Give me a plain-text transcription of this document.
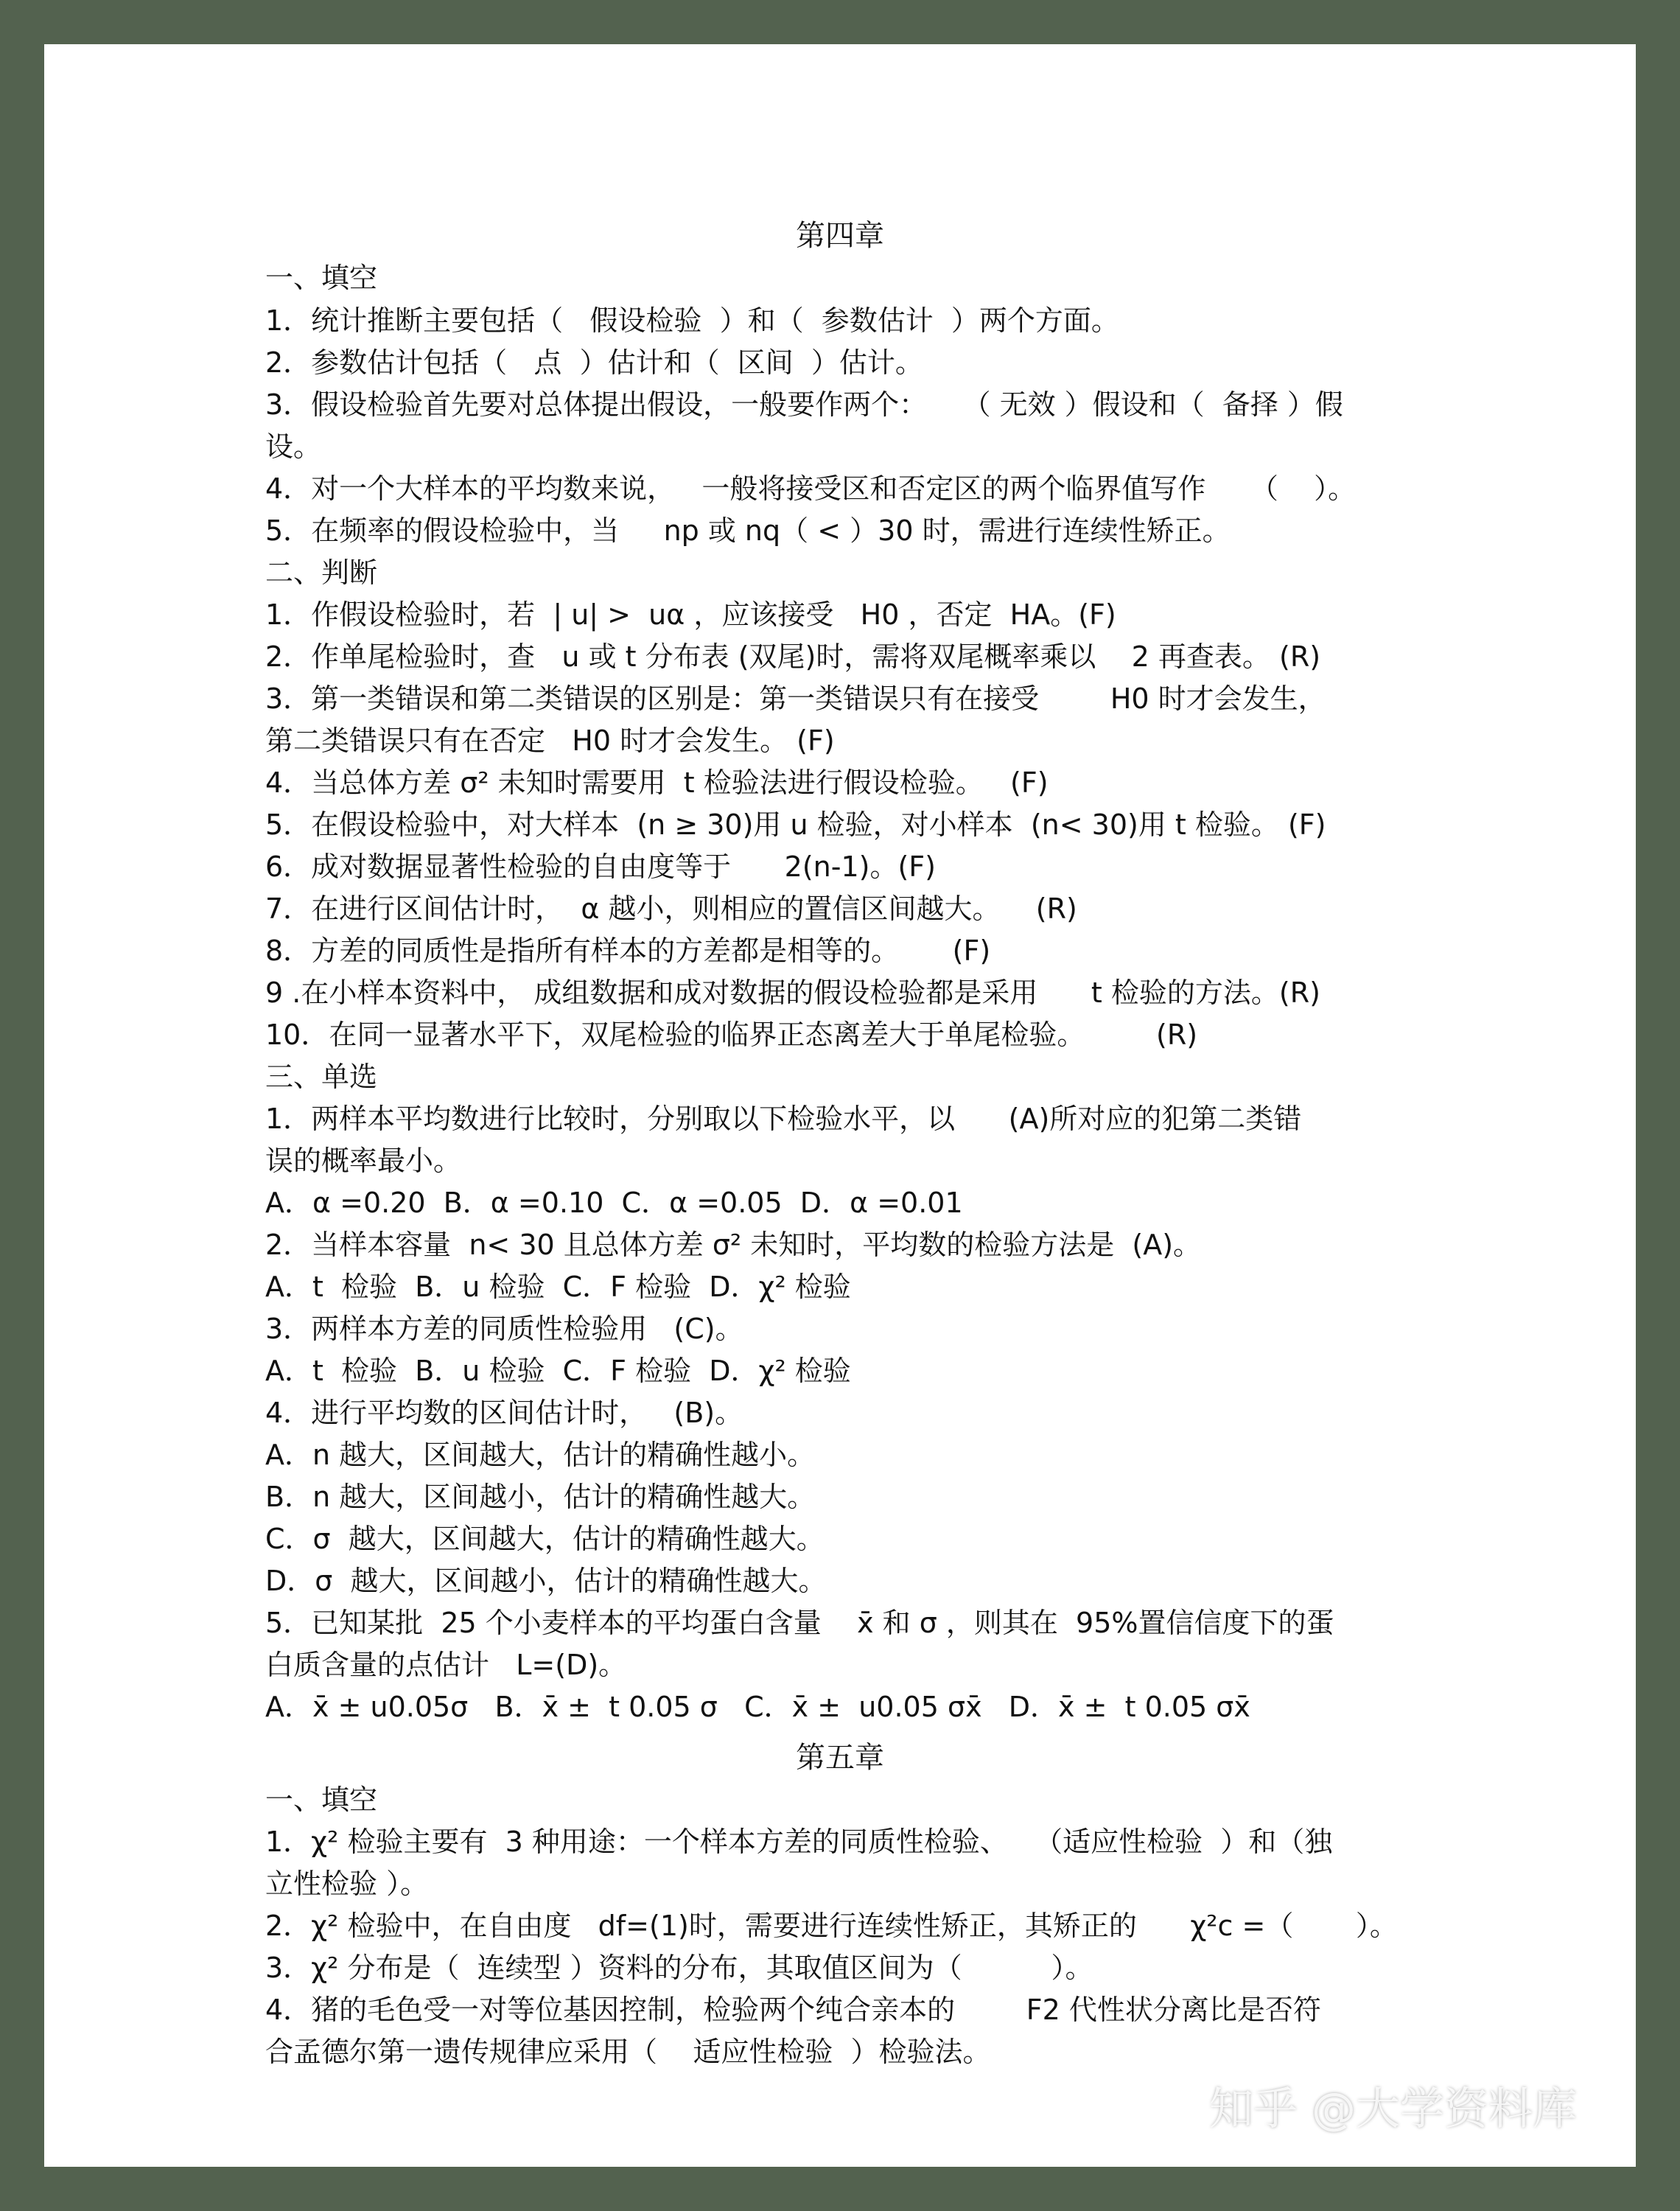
第四章
一、填空
1．统计推断主要包括（   假设检验  ）和（  参数估计  ）两个方面。
2．参数估计包括（   点  ）估计和（  区间  ）估计。
3．假设检验首先要对总体提出假设，一般要作两个：    （ 无效 ）假设和（  备择 ）假
设。
4．对一个大样本的平均数来说，   一般将接受区和否定区的两个临界值写作     （    ）。
5．在频率的假设检验中，当     np 或 nq（ < ）30 时，需进行连续性矫正。
二、判断
1．作假设检验时，若  | u| >  uα ，应该接受   H0 ，否定  HA。(F)
2．作单尾检验时，查   u 或 t 分布表 (双尾)时，需将双尾概率乘以    2 再查表。 (R)
3．第一类错误和第二类错误的区别是：第一类错误只有在接受        H0 时才会发生，
第二类错误只有在否定   H0 时才会发生。 (F)
4．当总体方差 σ² 未知时需要用  t 检验法进行假设检验。   (F)
5．在假设检验中，对大样本  (n ≥ 30)用 u 检验，对小样本  (n< 30)用 t 检验。 (F)
6．成对数据显著性检验的自由度等于      2(n-1)。(F)
7．在进行区间估计时，  α 越小，则相应的置信区间越大。    (R)
8．方差的同质性是指所有样本的方差都是相等的。      (F)
9 .在小样本资料中， 成组数据和成对数据的假设检验都是采用      t 检验的方法。(R)
10．在同一显著水平下，双尾检验的临界正态离差大于单尾检验。        (R)
三、单选
1．两样本平均数进行比较时，分别取以下检验水平，以      (A)所对应的犯第二类错
误的概率最小。
A．α =0.20  B．α =0.10  C．α =0.05  D．α =0.01
2．当样本容量  n< 30 且总体方差 σ² 未知时，平均数的检验方法是  (A)。
A．t  检验  B．u 检验  C．F 检验  D．χ² 检验
3．两样本方差的同质性检验用   (C)。
A．t  检验  B．u 检验  C．F 检验  D．χ² 检验
4．进行平均数的区间估计时，   (B)。
A．n 越大，区间越大，估计的精确性越小。
B．n 越大，区间越小，估计的精确性越大。
C．σ  越大，区间越大，估计的精确性越大。
D．σ  越大，区间越小，估计的精确性越大。
5．已知某批  25 个小麦样本的平均蛋白含量    x̄ 和 σ ，则其在  95%置信信度下的蛋
白质含量的点估计   L=(D)。
A．x̄ ± u0.05σ   B．x̄ ±  t 0.05 σ   C．x̄ ±  u0.05 σx̄   D．x̄ ±  t 0.05 σx̄
第五章
一、填空
1．χ² 检验主要有  3 种用途：一个样本方差的同质性检验、   （适应性检验  ）和（独
立性检验 ）。
2．χ² 检验中，在自由度   df=(1)时，需要进行连续性矫正，其矫正的      χ²c =（       ）。
3．χ² 分布是（  连续型 ）资料的分布，其取值区间为（          ）。
4．猪的毛色受一对等位基因控制，检验两个纯合亲本的        F2 代性状分离比是否符
合孟德尔第一遗传规律应采用（    适应性检验  ）检验法。
知乎 @大学资料库
